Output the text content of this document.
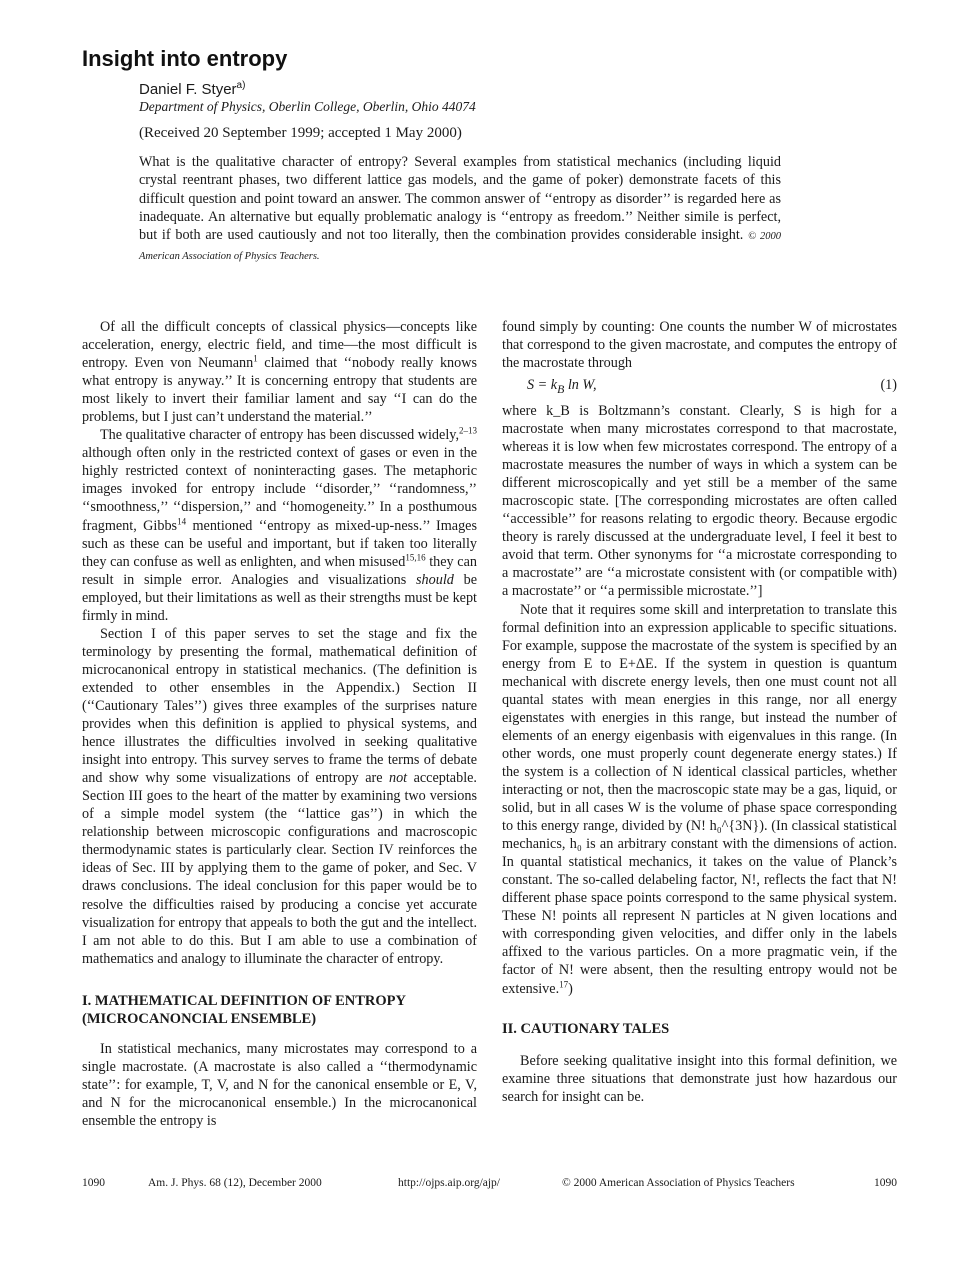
Insight into entropy
Daniel F. Styer$^{a)}$
Department of Physics, Oberlin College, Oberlin, Ohio 44074
(Received 20 September 1999; accepted 1 May 2000)

What is the qualitative character of entropy? Several examples from statistical mechanics (including liquid crystal reentrant phases, two different lattice gas models, and the game of poker) demonstrate facets of this difficult question and point toward an answer. The common answer of ‘‘entropy as disorder’’ is regarded here as inadequate. An alternative but equally problematic analogy is ‘‘entropy as freedom.’’ Neither simile is perfect, but if both are used cautiously and not too literally, then the combination provides considerable insight. © 2000 American Association of Physics Teachers.

Of all the difficult concepts of classical physics—concepts like acceleration, energy, electric field, and time—the most difficult is entropy. Even von Neumann$^1$ claimed that ‘‘nobody really knows what entropy is anyway.’’ It is concerning entropy that students are most likely to invert their familiar lament and say ‘‘I can do the problems, but I just can’t understand the material.’’

The qualitative character of entropy has been discussed widely,$^{2-13}$ although often only in the restricted context of gases or even in the highly restricted context of noninteracting gases. The metaphoric images invoked for entropy include ‘‘disorder,’’ ‘‘randomness,’’ ‘‘smoothness,’’ ‘‘dispersion,’’ and ‘‘homogeneity.’’ In a posthumous fragment, Gibbs$^{14}$ mentioned ‘‘entropy as mixed-up-ness.’’ Images such as these can be useful and important, but if taken too literally they can confuse as well as enlighten, and when misused$^{15,16}$ they can result in simple error. Analogies and visualizations should be employed, but their limitations as well as their strengths must be kept firmly in mind.

Section I of this paper serves to set the stage and fix the terminology by presenting the formal, mathematical definition of microcanonical entropy in statistical mechanics. (The definition is extended to other ensembles in the Appendix.) Section II (‘‘Cautionary Tales’’) gives three examples of the surprises nature provides when this definition is applied to physical systems, and hence illustrates the difficulties involved in seeking qualitative insight into entropy. This survey serves to frame the terms of debate and show why some visualizations of entropy are not acceptable. Section III goes to the heart of the matter by examining two versions of a simple model system (the ‘‘lattice gas’’) in which the relationship between microscopic configurations and macroscopic thermodynamic states is particularly clear. Section IV reinforces the ideas of Sec. III by applying them to the game of poker, and Sec. V draws conclusions. The ideal conclusion for this paper would be to resolve the difficulties raised by producing a concise yet accurate visualization for entropy that appeals to both the gut and the intellect. I am not able to do this. But I am able to use a combination of mathematics and analogy to illuminate the character of entropy.

I. MATHEMATICAL DEFINITION OF ENTROPY (MICROCANONCIAL ENSEMBLE)

In statistical mechanics, many microstates may correspond to a single macrostate. (A macrostate is also called a ‘‘thermodynamic state’’: for example, T, V, and N for the canonical ensemble or E, V, and N for the microcanonical ensemble.) In the microcanonical ensemble the entropy is

found simply by counting: One counts the number W of microstates that correspond to the given macrostate, and computes the entropy of the macrostate through

$S = k_B$ ln W,	(1)

where k_B is Boltzmann’s constant. Clearly, S is high for a macrostate when many microstates correspond to that macrostate, whereas it is low when few microstates correspond. The entropy of a macrostate measures the number of ways in which a system can be different microscopically and yet still be a member of the same macroscopic state. [The corresponding microstates are often called ‘‘accessible’’ for reasons relating to ergodic theory. Because ergodic theory is rarely discussed at the undergraduate level, I feel it best to avoid that term. Other synonyms for ‘‘a microstate corresponding to a macrostate’’ are ‘‘a microstate consistent with (or compatible with) a macrostate’’ or ‘‘a permissible microstate.’’]

Note that it requires some skill and interpretation to translate this formal definition into an expression applicable to specific situations. For example, suppose the macrostate of the system is specified by an energy from E to E+ΔE. If the system in question is quantum mechanical with discrete energy levels, then one must count not all quantal states with mean energies in this range, nor all energy eigenstates with energies in this range, but instead the number of elements of an energy eigenbasis with eigenvalues in this range. (In other words, one must properly count degenerate energy states.) If the system is a collection of N identical classical particles, whether interacting or not, then the macroscopic state may be a gas, liquid, or solid, but in all cases W is the volume of phase space corresponding to this energy range, divided by (N! h₀^{3N}). (In classical statistical mechanics, h₀ is an arbitrary constant with the dimensions of action. In quantal statistical mechanics, it takes on the value of Planck’s constant. The so-called delabeling factor, N!, reflects the fact that N! different phase space points correspond to the same physical system. These N! points all represent N particles at N given locations and with corresponding given velocities, and differ only in the labels affixed to the various particles. On a more pragmatic vein, if the factor of N! were absent, then the resulting entropy would not be extensive.$^{17}$)

II. CAUTIONARY TALES

Before seeking qualitative insight into this formal definition, we examine three situations that demonstrate just how hazardous our search for insight can be.

1090	Am. J. Phys. 68 (12), December 2000	http://ojps.aip.org/ajp/	© 2000 American Association of Physics Teachers	1090
